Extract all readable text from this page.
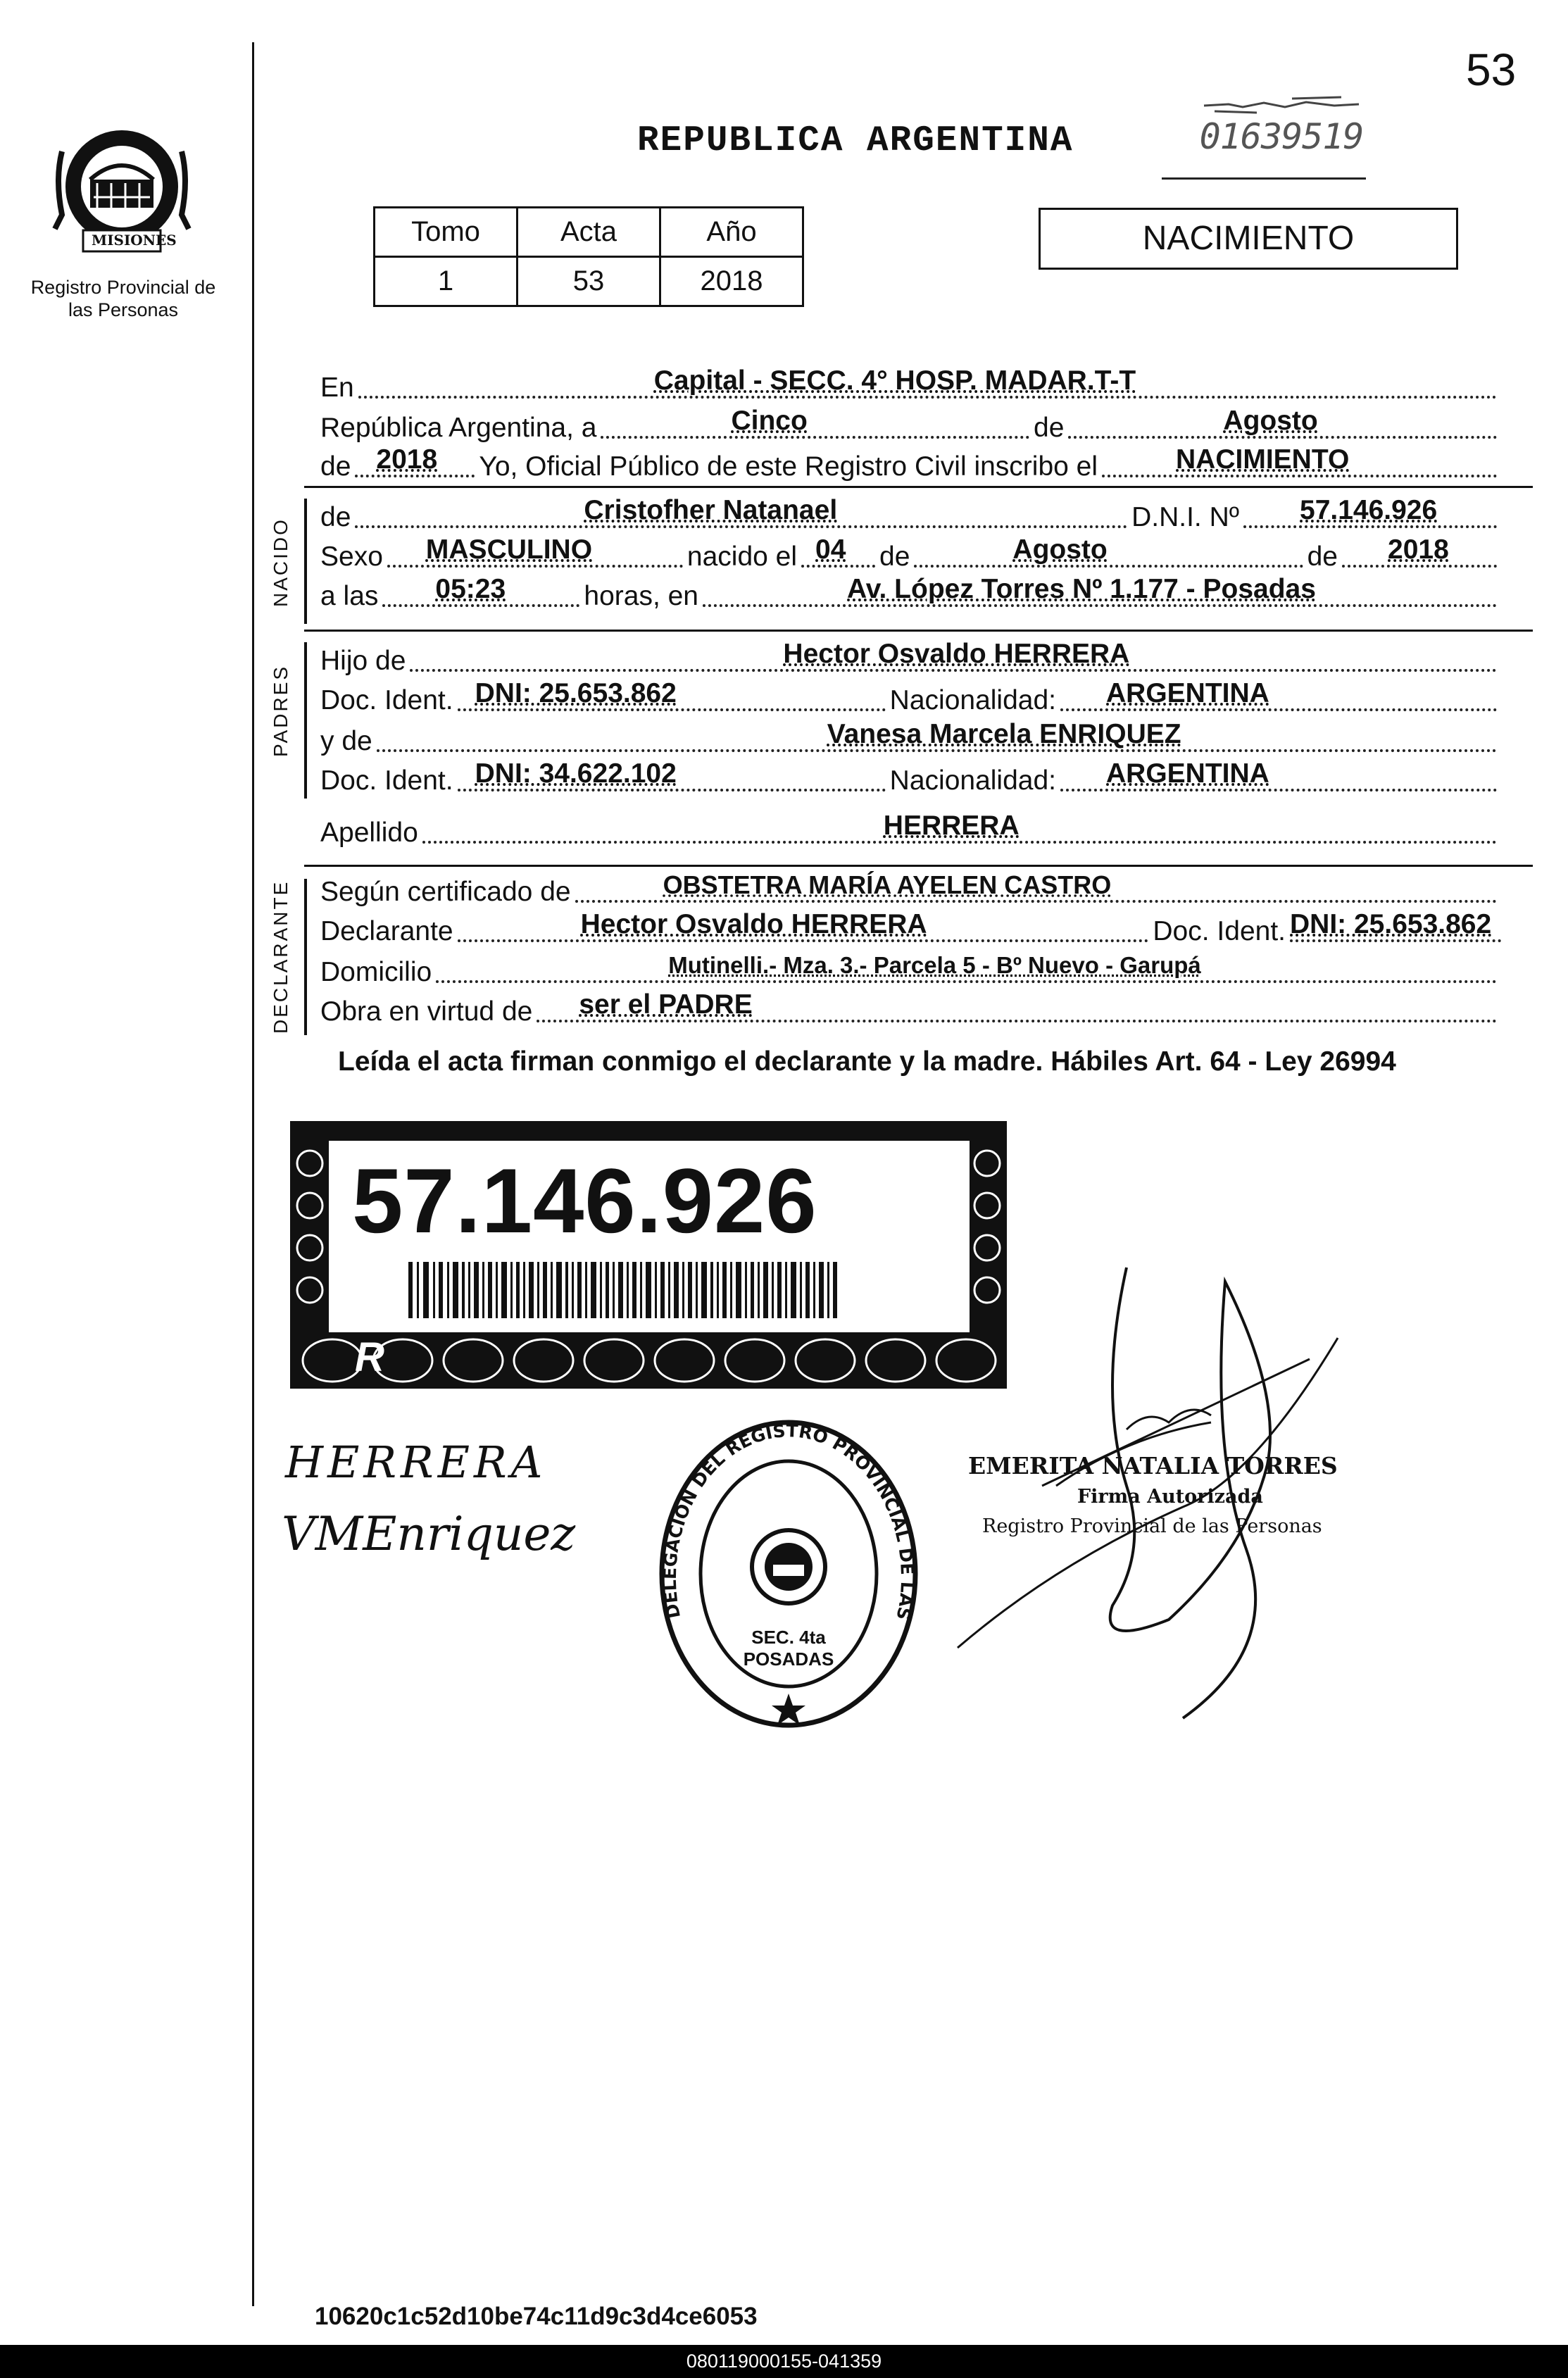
53
PROVINCIA DE
MISIONES
Registro Provincial de las Personas
REPUBLICA ARGENTINA	01639519
Tomo	Acta	Año
1	53	2018
NACIMIENTO
En	Capital - SECC. 4° HOSP. MADAR.T-T
República Argentina, a	Cinco	de	Agosto
de 2018 Yo, Oficial Público de este Registro Civil inscribo el	NACIMIENTO
NACIDO
de	Cristofher Natanael	D.N.I. Nº 57.146.926
Sexo MASCULINO	nacido el 04 de	Agosto	de 2018
a las 05:23	horas, en	Av. López Torres Nº 1.177 - Posadas
PADRES
Hijo de	Hector Osvaldo HERRERA
Doc. Ident. DNI: 25.653.862	Nacionalidad: ARGENTINA
y de	Vanesa Marcela ENRIQUEZ
Doc. Ident. DNI: 34.622.102	Nacionalidad: ARGENTINA
Apellido	HERRERA
DECLARANTE Según certificado de	OBSTETRA MARÍA AYELEN CASTRO
Declarante	Hector Osvaldo HERRERA	Doc. Ident. DNI: 25.653.862
Domicilio	Mutinelli.- Mza. 3.- Parcela 5 - Bº Nuevo - Garupá
Obra en virtud de ser el PADRE
Leída el acta firman conmigo el declarante y la madre. Hábiles Art. 64 - Ley 26994
R
57.146.926
HERRERA
VMEnriquez
DELEGACION DEL REGISTRO PROVINCIAL DE LAS
SEC. 4ta POSADAS
EMERITA NATALIA TORRES
Firma Autorizada
Registro Provincial de las Personas
10620c1c52d10be74c11d9c3d4ce6053
080119000155-041359
